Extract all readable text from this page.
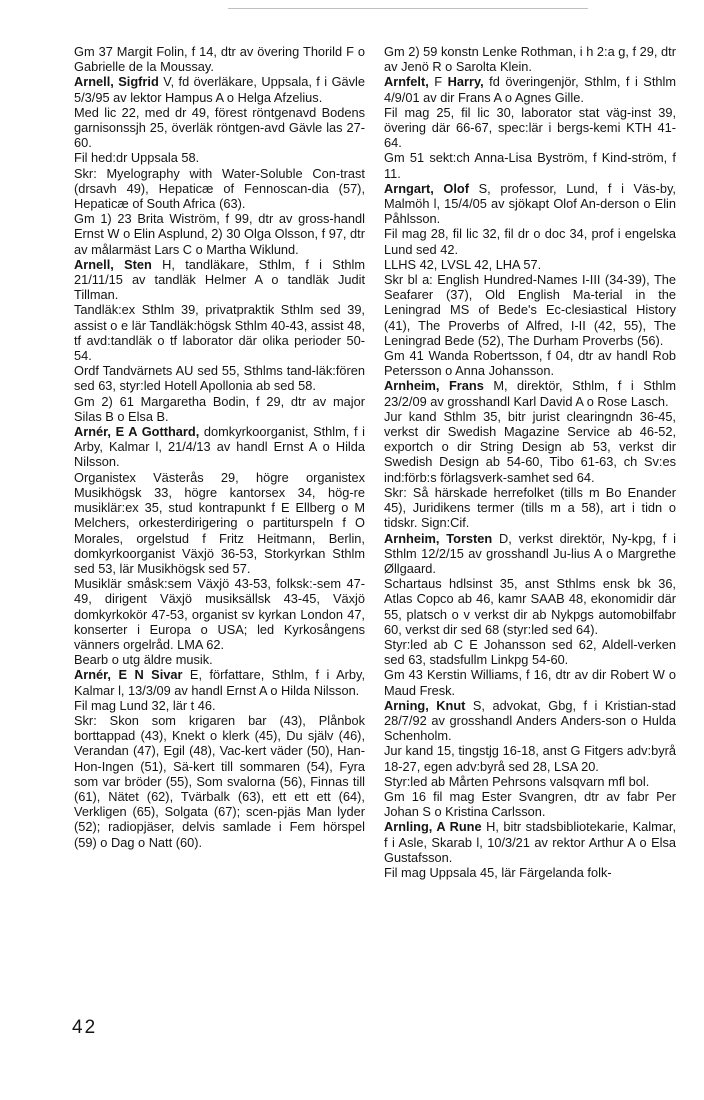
Gm 37 Margit Folin, f 14, dtr av övering Thorild F o Gabrielle de la Moussay.

Arnell, Sigfrid V, fd överläkare, Uppsala, f i Gävle 5/3/95 av lektor Hampus A o Helga Afzelius.

Med lic 22, med dr 49, förest röntgenavd Bodens garnisonssjh 25, överläk röntgen-avd Gävle las 27-60.

Fil hed:dr Uppsala 58.

Skr: Myelography with Water-Soluble Con-trast (drsavh 49), Hepaticæ of Fennoscan-dia (57), Hepaticæ of South Africa (63).

Gm 1) 23 Brita Wiström, f 99, dtr av gross-handl Ernst W o Elin Asplund, 2) 30 Olga Olsson, f 97, dtr av målarmäst Lars C o Martha Wiklund.

Arnell, Sten H, tandläkare, Sthlm, f i Sthlm 21/11/15 av tandläk Helmer A o tandläk Judit Tillman.

Tandläk:ex Sthlm 39, privatpraktik Sthlm sed 39, assist o e lär Tandläk:högsk Sthlm 40-43, assist 48, tf avd:tandläk o tf laborator där olika perioder 50-54.

Ordf Tandvärnets AU sed 55, Sthlms tand-läk:fören sed 63, styr:led Hotell Apollonia ab sed 58.

Gm 2) 61 Margaretha Bodin, f 29, dtr av major Silas B o Elsa B.

Arnér, E A Gotthard, domkyrkoorganist, Sthlm, f i Arby, Kalmar l, 21/4/13 av handl Ernst A o Hilda Nilsson.

Organistex Västerås 29, högre organistex Musikhögsk 33, högre kantorsex 34, hög-re musiklär:ex 35, stud kontrapunkt f E Ellberg o M Melchers, orkesterdirigering o partiturspeln f O Morales, orgelstud f Fritz Heitmann, Berlin, domkyrkoorganist Växjö 36-53, Storkyrkan Sthlm sed 53, lär Musikhögsk sed 57.

Musiklär småsk:sem Växjö 43-53, folksk:-sem 47-49, dirigent Växjö musiksällsk 43-45, Växjö domkyrkokör 47-53, organist sv kyrkan London 47, konserter i Europa o USA; led Kyrkosångens vänners orgelråd. LMA 62.

Bearb o utg äldre musik.

Arnér, E N Sivar E, författare, Sthlm, f i Arby, Kalmar l, 13/3/09 av handl Ernst A o Hilda Nilsson.

Fil mag Lund 32, lär t 46.

Skr: Skon som krigaren bar (43), Plånbok borttappad (43), Knekt o klerk (45), Du själv (46), Verandan (47), Egil (48), Vac-kert väder (50), Han-Hon-Ingen (51), Sä-kert till sommaren (54), Fyra som var bröder (55), Som svalorna (56), Finnas till (61), Nätet (62), Tvärbalk (63), ett ett ett (64), Verkligen (65), Solgata (67); scen-pjäs Man lyder (52); radiopjäser, delvis samlade i Fem hörspel (59) o Dag o Natt (60).

Gm 2) 59 konstn Lenke Rothman, i h 2:a g, f 29, dtr av Jenö R o Sarolta Klein.

Arnfelt, F Harry, fd överingenjör, Sthlm, f i Sthlm 4/9/01 av dir Frans A o Agnes Gille.

Fil mag 25, fil lic 30, laborator stat väg-inst 39, övering där 66-67, spec:lär i bergs-kemi KTH 41-64.

Gm 51 sekt:ch Anna-Lisa Byström, f Kind-ström, f 11.

Arngart, Olof S, professor, Lund, f i Väs-by, Malmöh l, 15/4/05 av sjökapt Olof An-derson o Elin Påhlsson.

Fil mag 28, fil lic 32, fil dr o doc 34, prof i engelska Lund sed 42.

LLHS 42, LVSL 42, LHA 57.

Skr bl a: English Hundred-Names I-III (34-39), The Seafarer (37), Old English Ma-terial in the Leningrad MS of Bede's Ec-clesiastical History (41), The Proverbs of Alfred, I-II (42, 55), The Leningrad Bede (52), The Durham Proverbs (56).

Gm 41 Wanda Robertsson, f 04, dtr av handl Rob Petersson o Anna Johansson.

Arnheim, Frans M, direktör, Sthlm, f i Sthlm 23/2/09 av grosshandl Karl David A o Rose Lasch.

Jur kand Sthlm 35, bitr jurist clearingndn 36-45, verkst dir Swedish Magazine Service ab 46-52, exportch o dir String Design ab 53, verkst dir Swedish Design ab 54-60, Tibo 61-63, ch Sv:es ind:förb:s förlagsverk-samhet sed 64.

Skr: Så härskade herrefolket (tills m Bo Enander 45), Juridikens termer (tills m a 58), art i tidn o tidskr. Sign:Cif.

Arnheim, Torsten D, verkst direktör, Ny-kpg, f i Sthlm 12/2/15 av grosshandl Ju-lius A o Margrethe Øllgaard.

Schartaus hdlsinst 35, anst Sthlms ensk bk 36, Atlas Copco ab 46, kamr SAAB 48, ekonomidir där 55, platsch o v verkst dir ab Nykpgs automobilfabr 60, verkst dir sed 68 (styr:led sed 64).

Styr:led ab C E Johansson sed 62, Aldell-verken sed 63, stadsfullm Linkpg 54-60.

Gm 43 Kerstin Williams, f 16, dtr av dir Robert W o Maud Fresk.

Arning, Knut S, advokat, Gbg, f i Kristian-stad 28/7/92 av grosshandl Anders Anders-son o Hulda Schenholm.

Jur kand 15, tingstjg 16-18, anst G Fitgers adv:byrå 18-27, egen adv:byrå sed 28, LSA 20.

Styr:led ab Mårten Pehrsons valsqvarn mfl bol.

Gm 16 fil mag Ester Svangren, dtr av fabr Per Johan S o Kristina Carlsson.

Arnling, A Rune H, bitr stadsbibliotekarie, Kalmar, f i Asle, Skarab l, 10/3/21 av rektor Arthur A o Elsa Gustafsson.

Fil mag Uppsala 45, lär Färgelanda folk-

42
